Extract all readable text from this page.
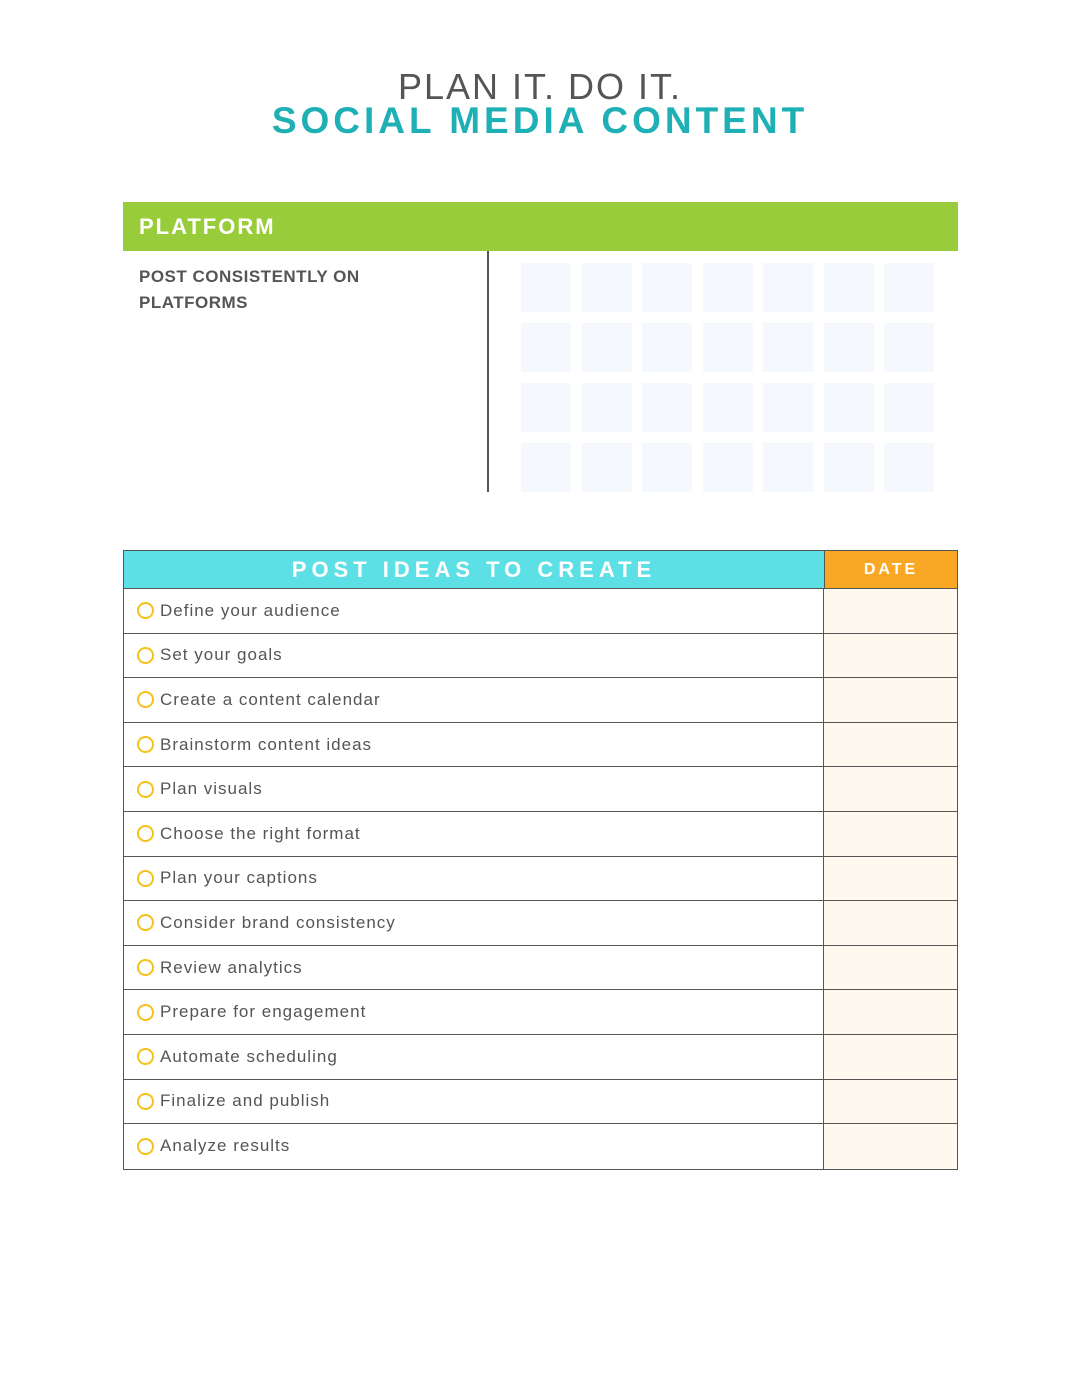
PLAN IT. DO IT.
SOCIAL MEDIA CONTENT
PLATFORM
POST CONSISTENTLY ON PLATFORMS
POST IDEAS TO CREATE	DATE
Define your audience
Set your goals
Create a content calendar
Brainstorm content ideas
Plan visuals
Choose the right format
Plan your captions
Consider brand consistency
Review analytics
Prepare for engagement
Automate scheduling
Finalize and publish
Analyze results
